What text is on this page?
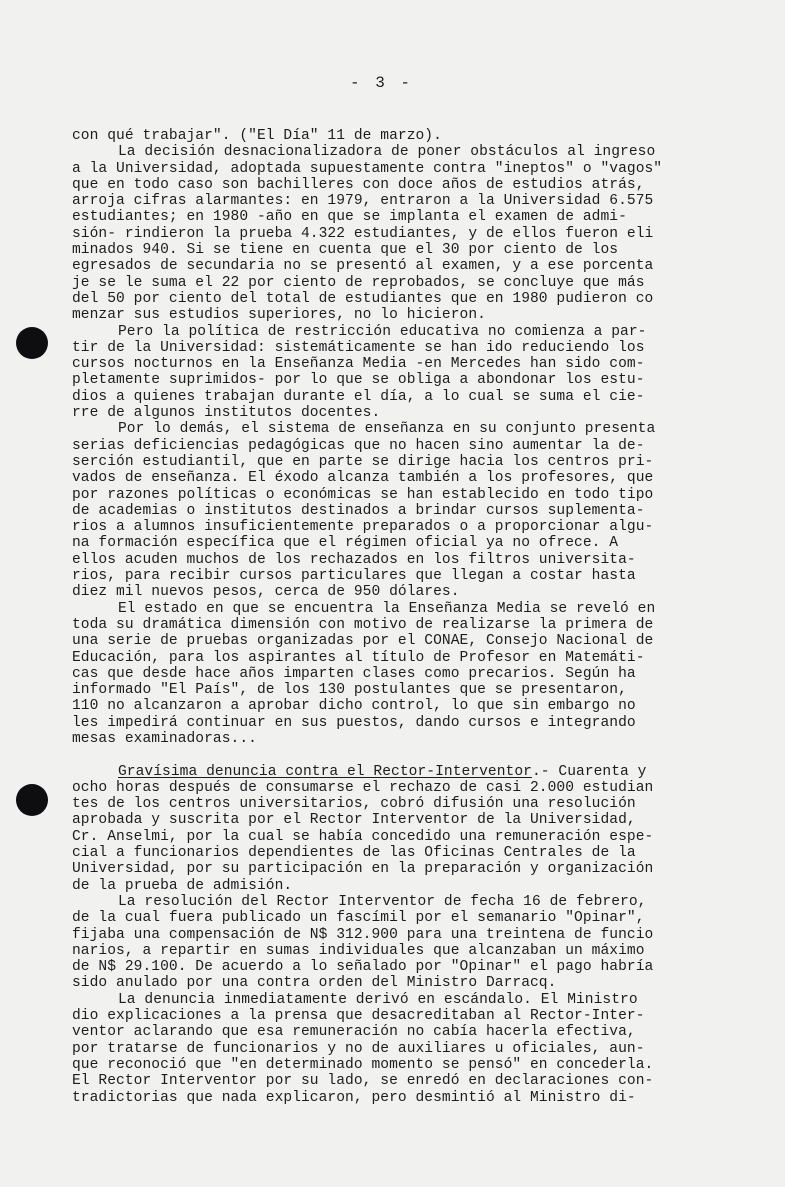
- 3 -
con qué trabajar". ("El Día" 11 de marzo).
La decisión desnacionalizadora de poner obstáculos al ingreso
a la Universidad, adoptada supuestamente contra "ineptos" o "vagos"
que en todo caso son bachilleres con doce años de estudios atrás,
arroja cifras alarmantes: en 1979, entraron a la Universidad 6.575
estudiantes; en 1980 -año en que se implanta el examen de admi-
sión- rindieron la prueba 4.322 estudiantes, y de ellos fueron eli
minados 940. Si se tiene en cuenta que el 30 por ciento de los
egresados de secundaria no se presentó al examen, y a ese porcenta
je se le suma el 22 por ciento de reprobados, se concluye que más
del 50 por ciento del total de estudiantes que en 1980 pudieron co
menzar sus estudios superiores, no lo hicieron.
Pero la política de restricción educativa no comienza a par-
tir de la Universidad: sistemáticamente se han ido reduciendo los
cursos nocturnos en la Enseñanza Media -en Mercedes han sido com-
pletamente suprimidos- por lo que se obliga a abondonar los estu-
dios a quienes trabajan durante el día, a lo cual se suma el cie-
rre de algunos institutos docentes.
Por lo demás, el sistema de enseñanza en su conjunto presenta
serias deficiencias pedagógicas que no hacen sino aumentar la de-
serción estudiantil, que en parte se dirige hacia los centros pri-
vados de enseñanza. El éxodo alcanza también a los profesores, que
por razones políticas o económicas se han establecido en todo tipo
de academias o institutos destinados a brindar cursos suplementa-
rios a alumnos insuficientemente preparados o a proporcionar algu-
na formación específica que el régimen oficial ya no ofrece. A
ellos acuden muchos de los rechazados en los filtros universita-
rios, para recibir cursos particulares que llegan a costar hasta
diez mil nuevos pesos, cerca de 950 dólares.
El estado en que se encuentra la Enseñanza Media se reveló en
toda su dramática dimensión con motivo de realizarse la primera de
una serie de pruebas organizadas por el CONAE, Consejo Nacional de
Educación, para los aspirantes al título de Profesor en Matemáti-
cas que desde hace años imparten clases como precarios. Según ha
informado "El País", de los 130 postulantes que se presentaron,
110 no alcanzaron a aprobar dicho control, lo que sin embargo no
les impedirá continuar en sus puestos, dando cursos e integrando
mesas examinadoras...
Gravísima denuncia contra el Rector-Interventor.- Cuarenta y
ocho horas después de consumarse el rechazo de casi 2.000 estudian
tes de los centros universitarios, cobró difusión una resolución
aprobada y suscrita por el Rector Interventor de la Universidad,
Cr. Anselmi, por la cual se había concedido una remuneración espe-
cial a funcionarios dependientes de las Oficinas Centrales de la
Universidad, por su participación en la preparación y organización
de la prueba de admisión.
La resolución del Rector Interventor de fecha 16 de febrero,
de la cual fuera publicado un fascímil por el semanario "Opinar",
fijaba una compensación de N$ 312.900 para una treintena de funcio
narios, a repartir en sumas individuales que alcanzaban un máximo
de N$ 29.100. De acuerdo a lo señalado por "Opinar" el pago habría
sido anulado por una contra orden del Ministro Darracq.
La denuncia inmediatamente derivó en escándalo. El Ministro
dio explicaciones a la prensa que desacreditaban al Rector-Inter-
ventor aclarando que esa remuneración no cabía hacerla efectiva,
por tratarse de funcionarios y no de auxiliares u oficiales, aun-
que reconoció que "en determinado momento se pensó" en concederla.
El Rector Interventor por su lado, se enredó en declaraciones con-
tradictorias que nada explicaron, pero desmintió al Ministro di-
